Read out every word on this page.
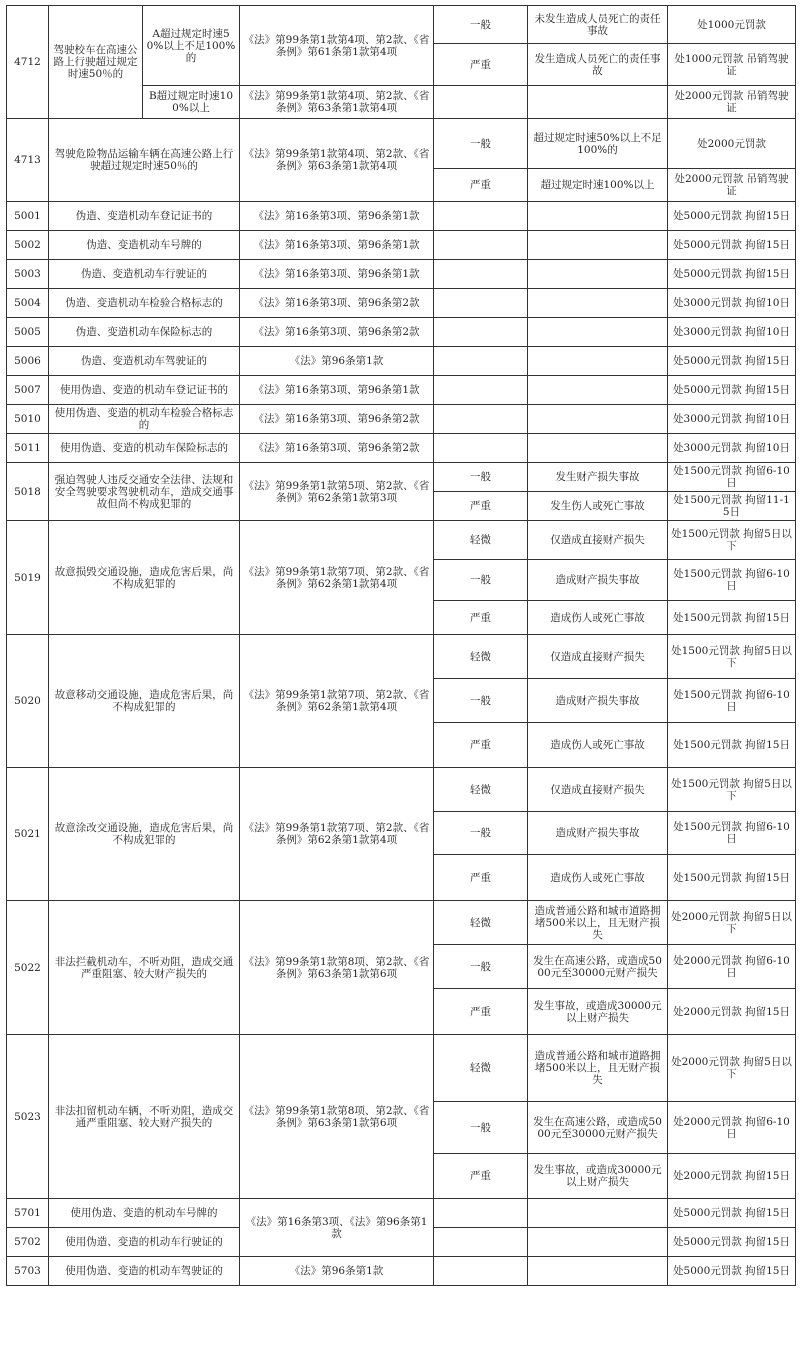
4712	驾驶校车在高速公路上行驶超过规定时速50％的	A超过规定时速50%以上不足100%的	《法》第99条第1款第4项、第2款、《省条例》第61条第1款第4项	一般	未发生造成人员死亡的责任事故	处1000元罚款
				严重	发生造成人员死亡的责任事故	处1000元罚款 吊销驾驶证
		B超过规定时速100%以上	《法》第99条第1款第4项、第2款、《省条例》第63条第1款第4项			处2000元罚款 吊销驾驶证
4713	驾驶危险物品运输车辆在高速公路上行驶超过规定时速50％的		《法》第99条第1款第4项、第2款、《省条例》第63条第1款第4项	一般	超过规定时速50%以上不足100%的	处2000元罚款
				严重	超过规定时速100%以上	处2000元罚款 吊销驾驶证
5001	伪造、变造机动车登记证书的		《法》第16条第3项、第96条第1款			处5000元罚款 拘留15日
5002	伪造、变造机动车号牌的		《法》第16条第3项、第96条第1款			处5000元罚款 拘留15日
5003	伪造、变造机动车行驶证的		《法》第16条第3项、第96条第1款			处5000元罚款 拘留15日
5004	伪造、变造机动车检验合格标志的		《法》第16条第3项、第96条第2款			处3000元罚款 拘留10日
5005	伪造、变造机动车保险标志的		《法》第16条第3项、第96条第2款			处3000元罚款 拘留10日
5006	伪造、变造机动车驾驶证的		《法》第96条第1款			处5000元罚款 拘留15日
5007	使用伪造、变造的机动车登记证书的		《法》第16条第3项、第96条第1款			处5000元罚款 拘留15日
5010	使用伪造、变造的机动车检验合格标志的		《法》第16条第3项、第96条第2款			处3000元罚款 拘留10日
5011	使用伪造、变造的机动车保险标志的		《法》第16条第3项、第96条第2款			处3000元罚款 拘留10日
5018	强迫驾驶人违反交通安全法律、法规和安全驾驶要求驾驶机动车，造成交通事故但尚不构成犯罪的		《法》第99条第1款第5项、第2款、《省条例》第62条第1款第3项	一般	发生财产损失事故	处1500元罚款 拘留6-10日
				严重	发生伤人或死亡事故	处1500元罚款 拘留11-15日
5019	故意损毁交通设施，造成危害后果，尚不构成犯罪的		《法》第99条第1款第7项、第2款、《省条例》第62条第1款第4项	轻微	仅造成直接财产损失	处1500元罚款 拘留5日以下
				一般	造成财产损失事故	处1500元罚款 拘留6-10日
				严重	造成伤人或死亡事故	处1500元罚款 拘留15日
5020	故意移动交通设施，造成危害后果，尚不构成犯罪的		《法》第99条第1款第7项、第2款、《省条例》第62条第1款第4项	轻微	仅造成直接财产损失	处1500元罚款 拘留5日以下
				一般	造成财产损失事故	处1500元罚款 拘留6-10日
				严重	造成伤人或死亡事故	处1500元罚款 拘留15日
5021	故意涂改交通设施，造成危害后果，尚不构成犯罪的		《法》第99条第1款第7项、第2款、《省条例》第62条第1款第4项	轻微	仅造成直接财产损失	处1500元罚款 拘留5日以下
				一般	造成财产损失事故	处1500元罚款 拘留6-10日
				严重	造成伤人或死亡事故	处1500元罚款 拘留15日
5022	非法拦截机动车，不听劝阻，造成交通严重阻塞、较大财产损失的		《法》第99条第1款第8项、第2款、《省条例》第63条第1款第6项	轻微	造成普通公路和城市道路拥堵500米以上，且无财产损失	处2000元罚款 拘留5日以下
				一般	发生在高速公路，或造成5000元至30000元财产损失	处2000元罚款 拘留6-10日
				严重	发生事故，或造成30000元以上财产损失	处2000元罚款 拘留15日
5023	非法扣留机动车辆，不听劝阻，造成交通严重阻塞、较大财产损失的		《法》第99条第1款第8项、第2款、《省条例》第63条第1款第6项	轻微	造成普通公路和城市道路拥堵500米以上，且无财产损失	处2000元罚款 拘留5日以下
				一般	发生在高速公路，或造成5000元至30000元财产损失	处2000元罚款 拘留6-10日
				严重	发生事故，或造成30000元以上财产损失	处2000元罚款 拘留15日
5701	使用伪造、变造的机动车号牌的		《法》第16条第3项、《法》第96条第1款			处5000元罚款 拘留15日
5702	使用伪造、变造的机动车行驶证的					处5000元罚款 拘留15日
5703	使用伪造、变造的机动车驾驶证的		《法》第96条第1款			处5000元罚款 拘留15日
